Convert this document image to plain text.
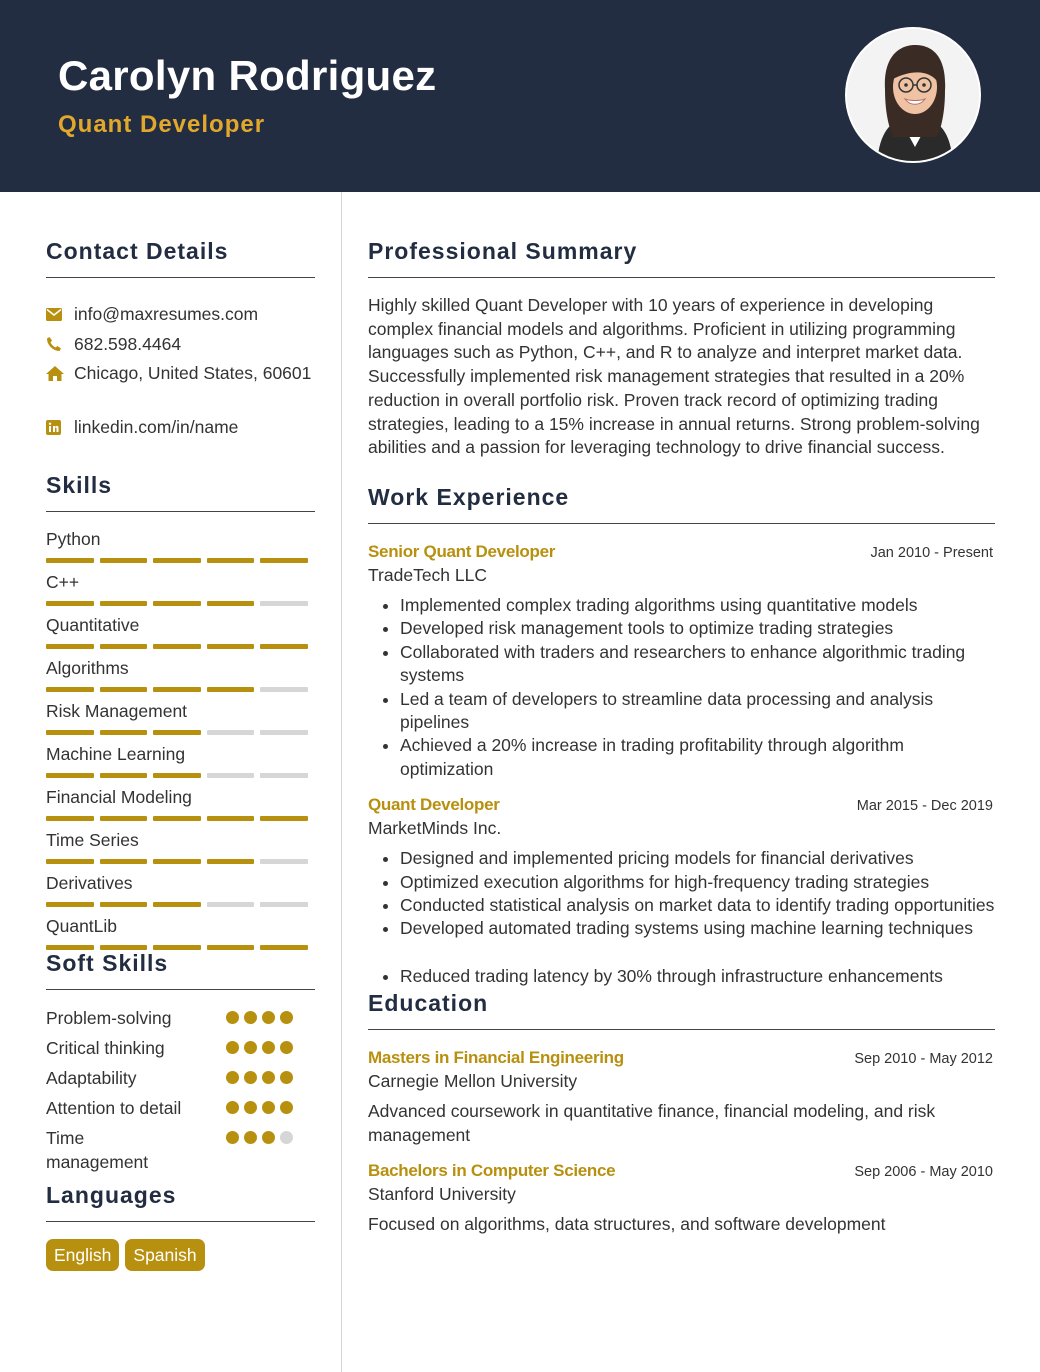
Carolyn Rodriguez
Quant Developer
Contact Details
info@maxresumes.com
682.598.4464
Chicago, United States, 60601
linkedin.com/in/name
Skills
Python
C++
Quantitative
Algorithms
Risk Management
Machine Learning
Financial Modeling
Time Series
Derivatives
QuantLib
Soft Skills
Problem-solving
Critical thinking
Adaptability
Attention to detail
Time management
Languages
English	Spanish
Professional Summary
Highly skilled Quant Developer with 10 years of experience in developing complex financial models and algorithms. Proficient in utilizing programming languages such as Python, C++, and R to analyze and interpret market data. Successfully implemented risk management strategies that resulted in a 20% reduction in overall portfolio risk. Proven track record of optimizing trading strategies, leading to a 15% increase in annual returns. Strong problem-solving abilities and a passion for leveraging technology to drive financial success.
Work Experience
Senior Quant Developer	Jan 2010 - Present
TradeTech LLC
• Implemented complex trading algorithms using quantitative models
• Developed risk management tools to optimize trading strategies
• Collaborated with traders and researchers to enhance algorithmic trading systems
• Led a team of developers to streamline data processing and analysis pipelines
• Achieved a 20% increase in trading profitability through algorithm optimization
Quant Developer	Mar 2015 - Dec 2019
MarketMinds Inc.
• Designed and implemented pricing models for financial derivatives
• Optimized execution algorithms for high-frequency trading strategies
• Conducted statistical analysis on market data to identify trading opportunities
• Developed automated trading systems using machine learning techniques
• Reduced trading latency by 30% through infrastructure enhancements
Education
Masters in Financial Engineering	Sep 2010 - May 2012
Carnegie Mellon University
Advanced coursework in quantitative finance, financial modeling, and risk management
Bachelors in Computer Science	Sep 2006 - May 2010
Stanford University
Focused on algorithms, data structures, and software development
